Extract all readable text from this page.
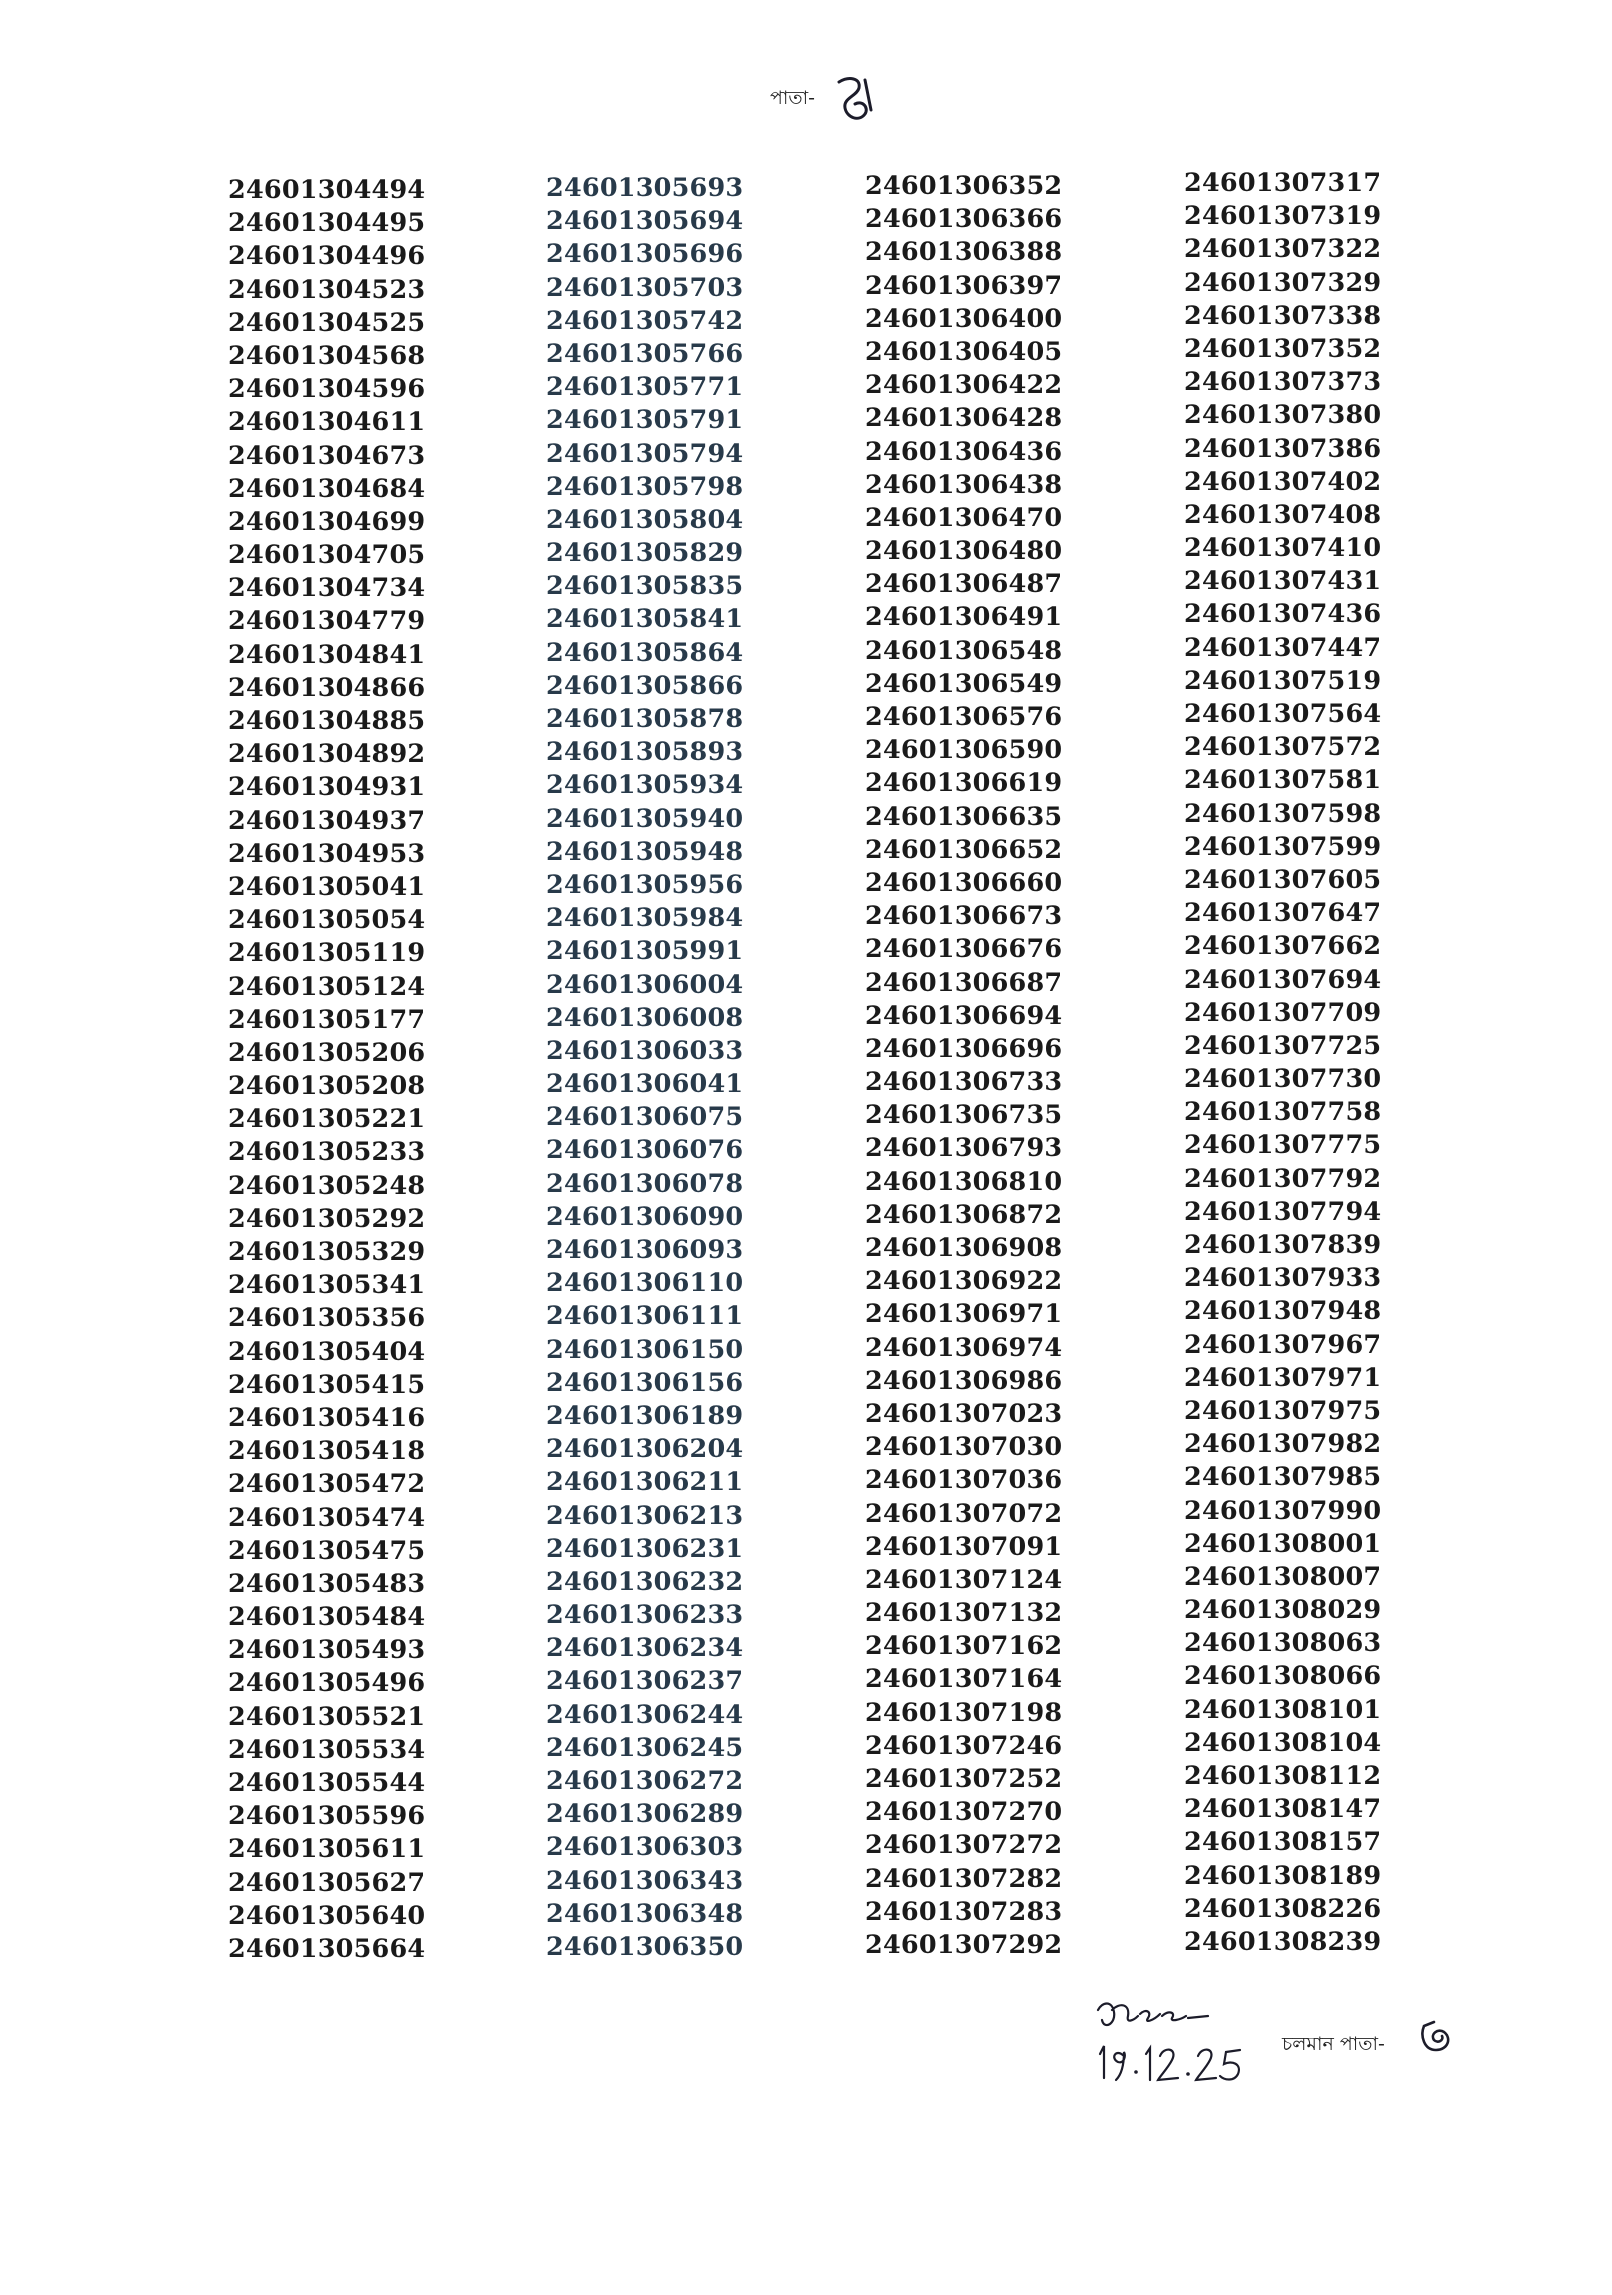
পাতা-
24601304494
24601304495
24601304496
24601304523
24601304525
24601304568
24601304596
24601304611
24601304673
24601304684
24601304699
24601304705
24601304734
24601304779
24601304841
24601304866
24601304885
24601304892
24601304931
24601304937
24601304953
24601305041
24601305054
24601305119
24601305124
24601305177
24601305206
24601305208
24601305221
24601305233
24601305248
24601305292
24601305329
24601305341
24601305356
24601305404
24601305415
24601305416
24601305418
24601305472
24601305474
24601305475
24601305483
24601305484
24601305493
24601305496
24601305521
24601305534
24601305544
24601305596
24601305611
24601305627
24601305640
24601305664
24601305693
24601305694
24601305696
24601305703
24601305742
24601305766
24601305771
24601305791
24601305794
24601305798
24601305804
24601305829
24601305835
24601305841
24601305864
24601305866
24601305878
24601305893
24601305934
24601305940
24601305948
24601305956
24601305984
24601305991
24601306004
24601306008
24601306033
24601306041
24601306075
24601306076
24601306078
24601306090
24601306093
24601306110
24601306111
24601306150
24601306156
24601306189
24601306204
24601306211
24601306213
24601306231
24601306232
24601306233
24601306234
24601306237
24601306244
24601306245
24601306272
24601306289
24601306303
24601306343
24601306348
24601306350
24601306352
24601306366
24601306388
24601306397
24601306400
24601306405
24601306422
24601306428
24601306436
24601306438
24601306470
24601306480
24601306487
24601306491
24601306548
24601306549
24601306576
24601306590
24601306619
24601306635
24601306652
24601306660
24601306673
24601306676
24601306687
24601306694
24601306696
24601306733
24601306735
24601306793
24601306810
24601306872
24601306908
24601306922
24601306971
24601306974
24601306986
24601307023
24601307030
24601307036
24601307072
24601307091
24601307124
24601307132
24601307162
24601307164
24601307198
24601307246
24601307252
24601307270
24601307272
24601307282
24601307283
24601307292
24601307317
24601307319
24601307322
24601307329
24601307338
24601307352
24601307373
24601307380
24601307386
24601307402
24601307408
24601307410
24601307431
24601307436
24601307447
24601307519
24601307564
24601307572
24601307581
24601307598
24601307599
24601307605
24601307647
24601307662
24601307694
24601307709
24601307725
24601307730
24601307758
24601307775
24601307792
24601307794
24601307839
24601307933
24601307948
24601307967
24601307971
24601307975
24601307982
24601307985
24601307990
24601308001
24601308007
24601308029
24601308063
24601308066
24601308101
24601308104
24601308112
24601308147
24601308157
24601308189
24601308226
24601308239
চলমান পাতা-
